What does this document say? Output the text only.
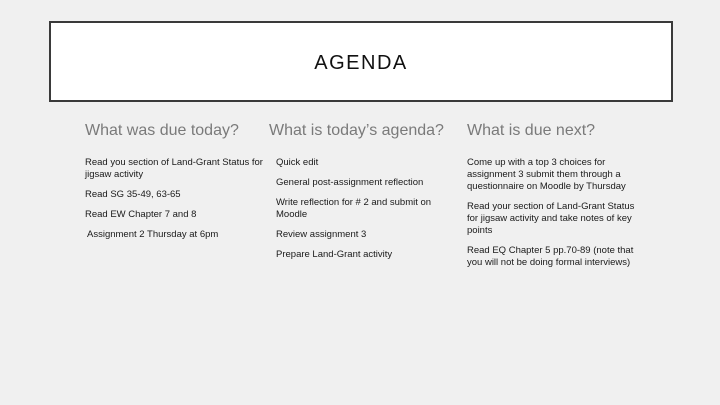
AGENDA
What was due today?
Read you section of Land-Grant Status for jigsaw activity
Read SG 35-49, 63-65
Read EW Chapter 7 and 8
Assignment 2 Thursday at 6pm
What is today’s agenda?
Quick edit
General post-assignment reflection
Write reflection for # 2 and submit on Moodle
Review assignment 3
Prepare Land-Grant activity
What is due next?
Come up with a top 3 choices for assignment 3 submit them through a questionnaire on Moodle by Thursday
Read your section of Land-Grant Status for jigsaw activity and take notes of key points
Read EQ Chapter 5 pp.70-89 (note that you will not be doing formal interviews)
